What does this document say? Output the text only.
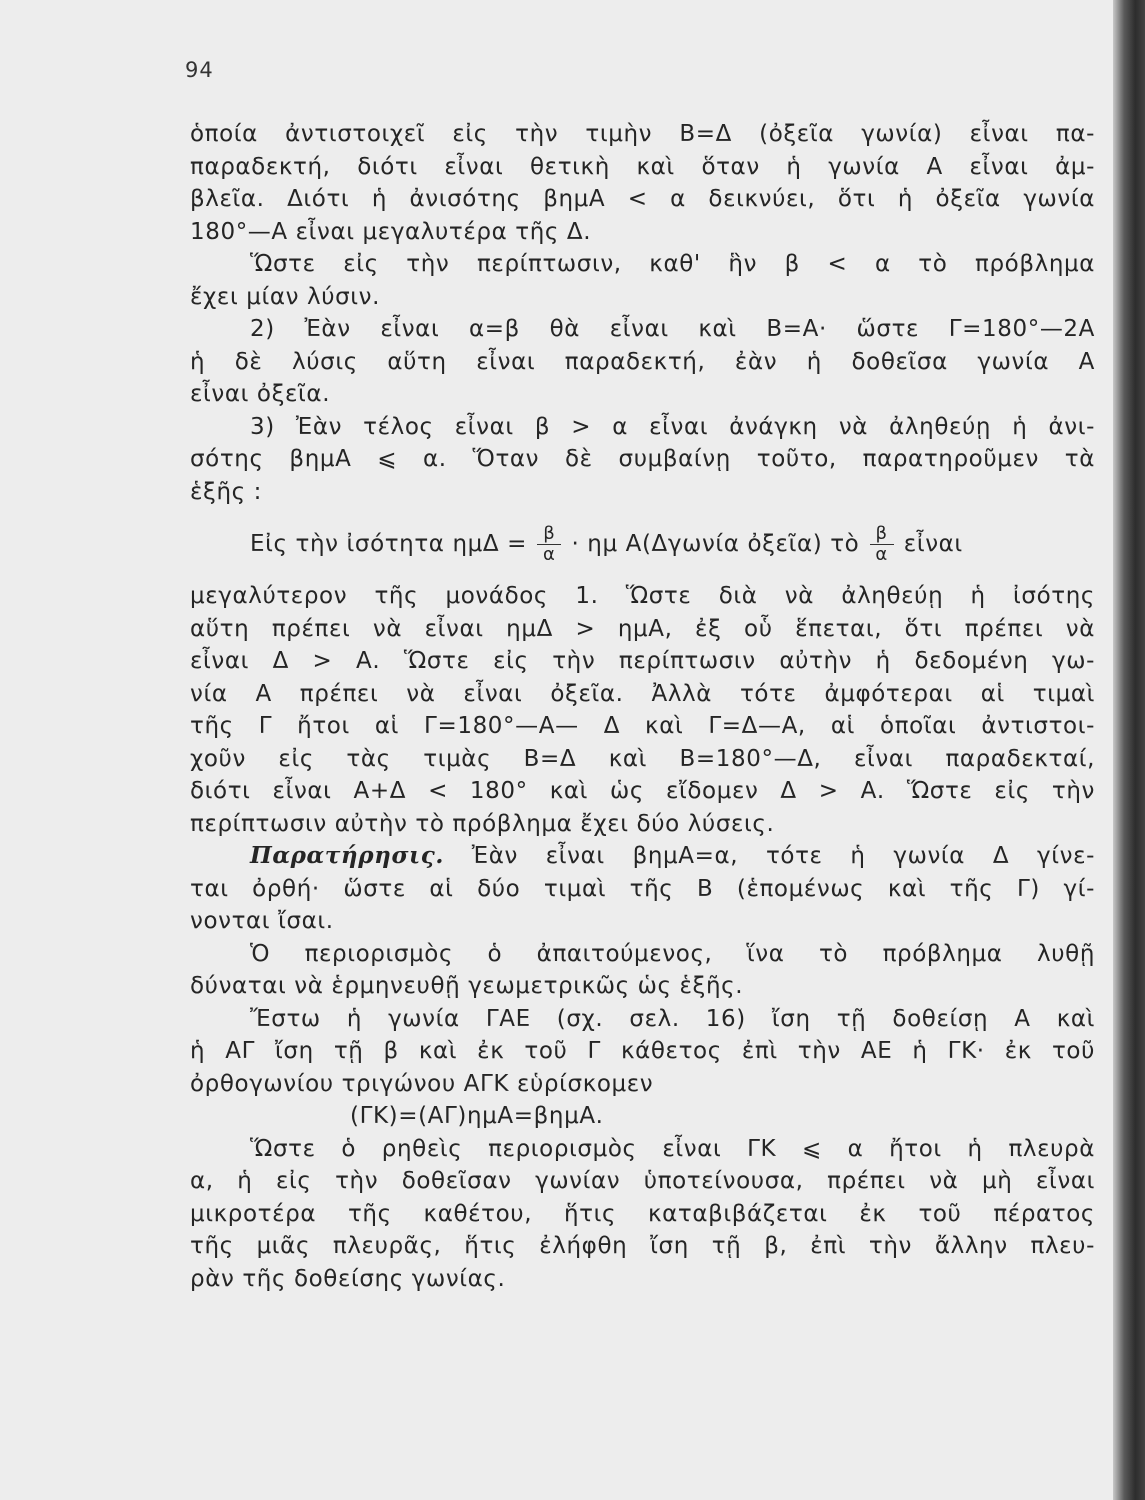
94
ὁποία ἀντιστοιχεῖ εἰς τὴν τιμὴν Β=Δ (ὀξεῖα γωνία) εἶναι πα-
παραδεκτή, διότι εἶναι θετικὴ καὶ ὅταν ἡ γωνία Α εἶναι ἀμ-
βλεῖα. Διότι ἡ ἀνισότης βημΑ < α δεικνύει, ὅτι ἡ ὀξεῖα γωνία
180°—Α εἶναι μεγαλυτέρα τῆς Δ.
Ὥστε εἰς τὴν περίπτωσιν, καθ' ἣν β < α τὸ πρόβλημα
ἔχει μίαν λύσιν.
2) Ἐὰν εἶναι α=β θὰ εἶναι καὶ Β=Α· ὥστε Γ=180°—2Α
ἡ δὲ λύσις αὕτη εἶναι παραδεκτή, ἐὰν ἡ δοθεῖσα γωνία Α
εἶναι ὀξεῖα.
3) Ἐὰν τέλος εἶναι β > α εἶναι ἀνάγκη νὰ ἀληθεύῃ ἡ ἀνι-
σότης βημΑ ⩽ α. Ὅταν δὲ συμβαίνῃ τοῦτο, παρατηροῦμεν τὰ
ἑξῆς :
Εἰς τὴν ἰσότητα $\eta\mu\Delta = \frac{\beta}{\alpha} \cdot \eta\mu$ Α(Δγωνία ὀξεῖα) τὸ $\frac{\beta}{\alpha}$ εἶναι
μεγαλύτερον τῆς μονάδος 1. Ὥστε διὰ νὰ ἀληθεύῃ ἡ ἰσότης
αὕτη πρέπει νὰ εἶναι ημΔ > ημΑ, ἐξ οὗ ἕπεται, ὅτι πρέπει νὰ
εἶναι Δ > Α. Ὥστε εἰς τὴν περίπτωσιν αὐτὴν ἡ δεδομένη γω-
νία Α πρέπει νὰ εἶναι ὀξεῖα. Ἀλλὰ τότε ἀμφότεραι αἱ τιμαὶ
τῆς Γ ἤτοι αἱ Γ=180°—Α— Δ καὶ Γ=Δ—Α, αἱ ὁποῖαι ἀντιστοι-
χοῦν εἰς τὰς τιμὰς Β=Δ καὶ Β=180°—Δ, εἶναι παραδεκταί,
διότι εἶναι Α+Δ < 180° καὶ ὡς εἴδομεν Δ > Α. Ὥστε εἰς τὴν
περίπτωσιν αὐτὴν τὸ πρόβλημα ἔχει δύο λύσεις.
Παρατήρησις. Ἐὰν εἶναι βημΑ=α, τότε ἡ γωνία Δ γίνε-
ται ὀρθή· ὥστε αἱ δύο τιμαὶ τῆς Β (ἑπομένως καὶ τῆς Γ) γί-
νονται ἴσαι.
Ὁ περιορισμὸς ὁ ἀπαιτούμενος, ἵνα τὸ πρόβλημα λυθῇ
δύναται νὰ ἑρμηνευθῇ γεωμετρικῶς ὡς ἑξῆς.
Ἔστω ἡ γωνία ΓΑΕ (σχ. σελ. 16) ἴση τῇ δοθείσῃ Α καὶ
ἡ ΑΓ ἴση τῇ β καὶ ἐκ τοῦ Γ κάθετος ἐπὶ τὴν ΑΕ ἡ ΓΚ· ἐκ τοῦ
ὀρθογωνίου τριγώνου ΑΓΚ εὑρίσκομεν
(ΓΚ)=(ΑΓ)ημΑ=βημΑ.
Ὥστε ὁ ρηθεὶς περιορισμὸς εἶναι ΓΚ ⩽ α ἤτοι ἡ πλευρὰ
α, ἡ εἰς τὴν δοθεῖσαν γωνίαν ὑποτείνουσα, πρέπει νὰ μὴ εἶναι
μικροτέρα τῆς καθέτου, ἥτις καταβιβάζεται ἐκ τοῦ πέρατος
τῆς μιᾶς πλευρᾶς, ἥτις ἐλήφθη ἴση τῇ β, ἐπὶ τὴν ἄλλην πλευ-
ρὰν τῆς δοθείσης γωνίας.
